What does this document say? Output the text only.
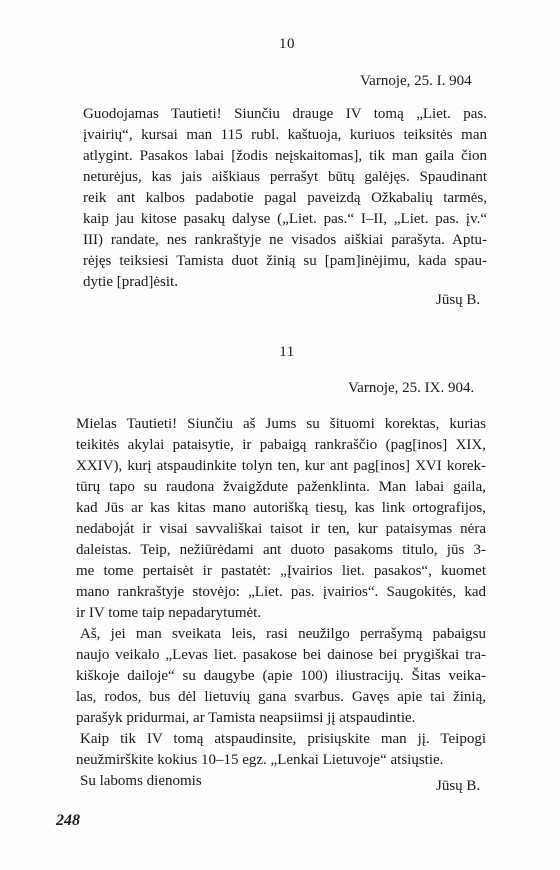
10
Varnoje, 25. I. 904
Guodojamas Tautieti! Siunčiu drauge IV tomą „Liet. pas.
įvairių“, kursai man 115 rubl. kaštuoja, kuriuos teiksitės man
atlygint. Pasakos labai [žodis neįskaitomas], tik man gaila čion
neturėjus, kas jais aiškiaus perrašyt būtų galėjęs. Spaudinant
reik ant kalbos padabotie pagal paveizdą Ožkabalių tarmės,
kaip jau kitose pasakų dalyse („Liet. pas.“ I–II, „Liet. pas. įv.“
III) randate, nes rankraštyje ne visados aiškiai parašyta. Aptu-
rėjęs teiksiesi Tamista duot žinią su [pam]inėjimu, kada spau-
dytie [prad]ėsit.
Jūsų B.
11
Varnoje, 25. IX. 904.
Mielas Tautieti! Siunčiu aš Jums su šituomi korektas, kurias
teikitės akylai pataisytie, ir pabaigą rankraščio (pag[inos] XIX,
XXIV), kurį atspaudinkite tolyn ten, kur ant pag[inos] XVI korek-
tūrų tapo su raudona žvaigždute paženklinta. Man labai gaila,
kad Jūs ar kas kitas mano autorišką tiesų, kas link ortografijos,
nedaboját ir visai savvališkai taisot ir ten, kur pataisymas nėra
daleistas. Teip, nežiūrėdami ant duoto pasakoms titulo, jūs 3-
me tome pertaisėt ir pastatėt: „Įvairios liet. pasakos“, kuomet
mano rankraštyje stovėjo: „Liet. pas. įvairios“. Saugokitės, kad
ir IV tome taip nepadarytumėt.
Aš, jei man sveikata leis, rasi neužilgo perrašymą pabaigsu
naujo veikalo „Levas liet. pasakose bei dainose bei prygiškai tra-
kiškoje dailoje“ su daugybe (apie 100) iliustracijų. Šitas veika-
las, rodos, bus dėl lietuvių gana svarbus. Gavęs apie tai žinią,
parašyk pridurmai, ar Tamista neapsiimsi jį atspaudintie.
Kaip tik IV tomą atspaudinsite, prisiųskite man jį. Teipogi
neužmirškite kokius 10–15 egz. „Lenkai Lietuvoje“ atsiųstie.
Su laboms dienomis	Jūsų B.
248
